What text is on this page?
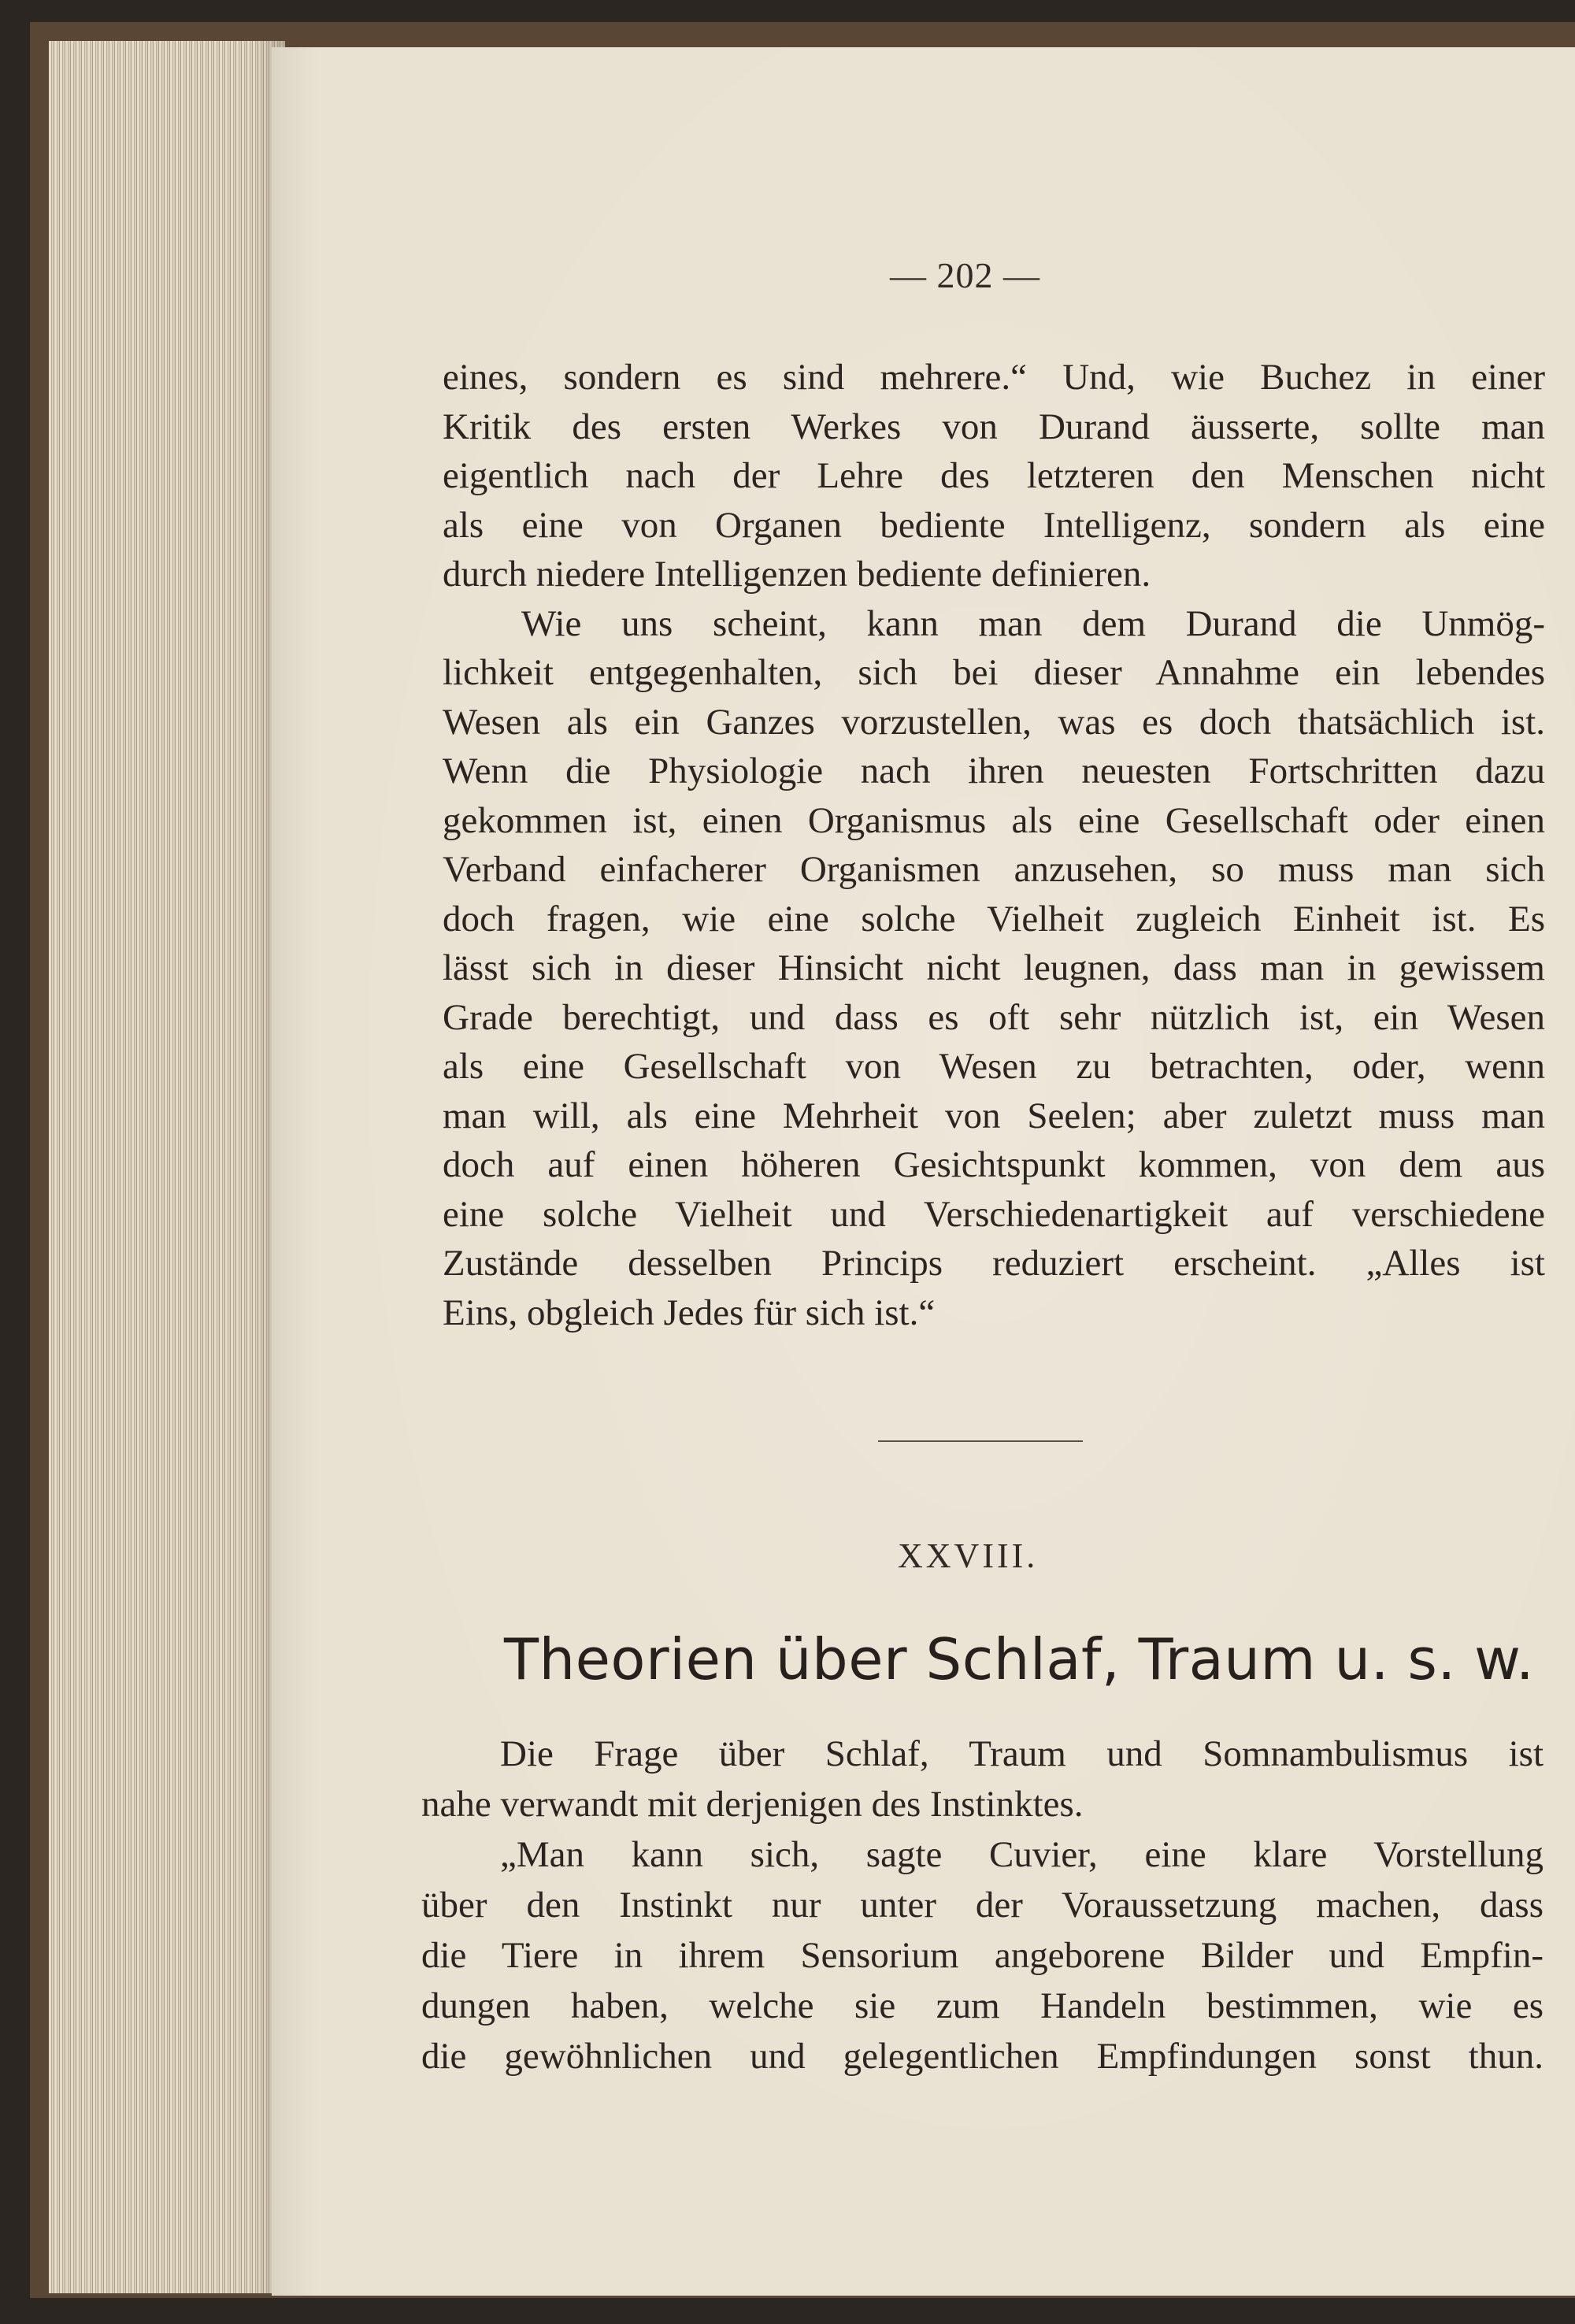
— 202 —
eines, sondern es sind mehrere.“ Und, wie Buchez in einer
Kritik des ersten Werkes von Durand äusserte, sollte man
eigentlich nach der Lehre des letzteren den Menschen nicht
als eine von Organen bediente Intelligenz, sondern als eine
durch niedere Intelligenzen bediente definieren.
Wie uns scheint, kann man dem Durand die Unmög-
lichkeit entgegenhalten, sich bei dieser Annahme ein lebendes
Wesen als ein Ganzes vorzustellen, was es doch thatsächlich ist.
Wenn die Physiologie nach ihren neuesten Fortschritten dazu
gekommen ist, einen Organismus als eine Gesellschaft oder einen
Verband einfacherer Organismen anzusehen, so muss man sich
doch fragen, wie eine solche Vielheit zugleich Einheit ist. Es
lässt sich in dieser Hinsicht nicht leugnen, dass man in gewissem
Grade berechtigt, und dass es oft sehr nützlich ist, ein Wesen
als eine Gesellschaft von Wesen zu betrachten, oder, wenn
man will, als eine Mehrheit von Seelen; aber zuletzt muss man
doch auf einen höheren Gesichtspunkt kommen, von dem aus
eine solche Vielheit und Verschiedenartigkeit auf verschiedene
Zustände desselben Princips reduziert erscheint. „Alles ist
Eins, obgleich Jedes für sich ist.“
XXVIII.
Theorien über Schlaf, Traum u. s. w.
Die Frage über Schlaf, Traum und Somnambulismus ist
nahe verwandt mit derjenigen des Instinktes.
„Man kann sich, sagte Cuvier, eine klare Vorstellung
über den Instinkt nur unter der Voraussetzung machen, dass
die Tiere in ihrem Sensorium angeborene Bilder und Empfin-
dungen haben, welche sie zum Handeln bestimmen, wie es
die gewöhnlichen und gelegentlichen Empfindungen sonst thun.
